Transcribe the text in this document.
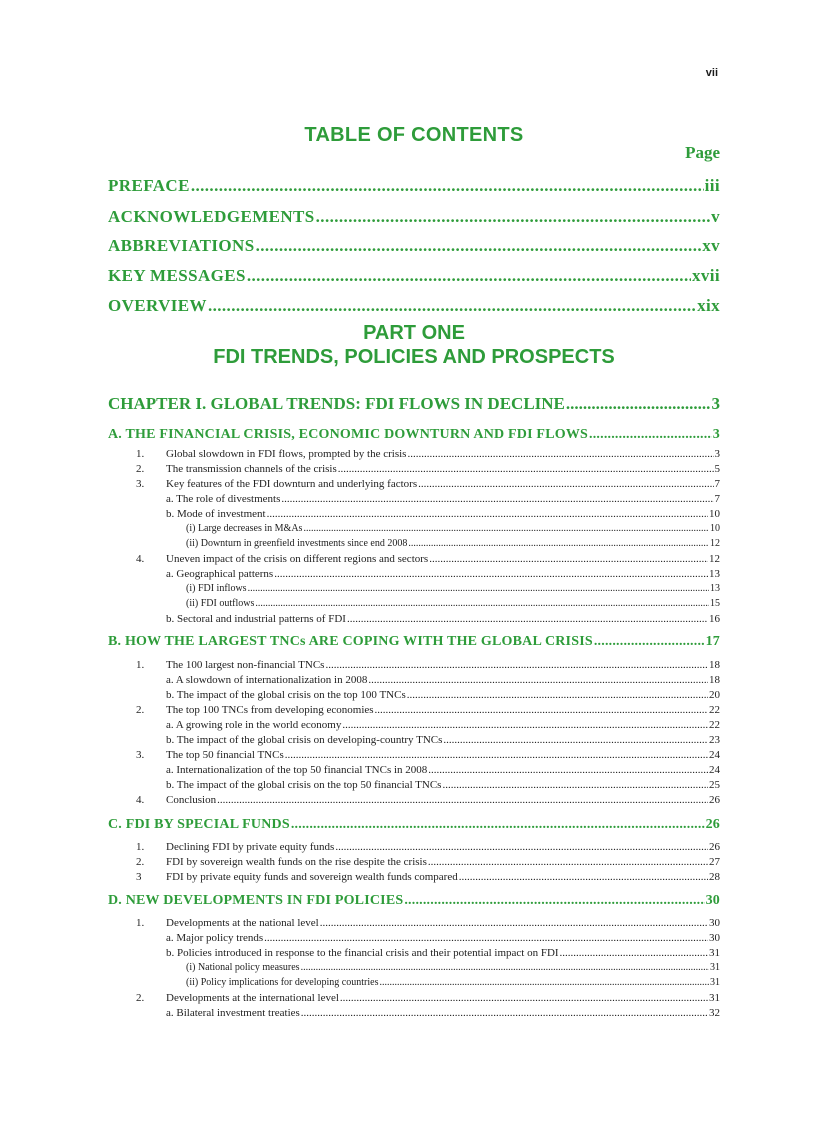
vii
TABLE OF CONTENTS
Page
PREFACE .....	iii
ACKNOWLEDGEMENTS .....	v
ABBREVIATIONS .....	xv
KEY MESSAGES .....	xvii
OVERVIEW .....	xix
PART ONE
FDI TRENDS, POLICIES AND PROSPECTS
CHAPTER I. GLOBAL TRENDS: FDI FLOWS IN DECLINE .....	3
A. THE FINANCIAL CRISIS, ECONOMIC DOWNTURN AND FDI FLOWS .....	3
1. Global slowdown in FDI flows, prompted by the crisis .....	3
2. The transmission channels of the crisis .....	5
3. Key features of the FDI downturn and underlying factors .....	7
a. The role of divestments .....	7
b. Mode of investment .....	10
(i) Large decreases in M&As .....	10
(ii) Downturn in greenfield investments since end 2008 .....	12
4. Uneven impact of the crisis on different regions and sectors .....	12
a. Geographical patterns .....	13
(i) FDI inflows .....	13
(ii) FDI outflows .....	15
b. Sectoral and industrial patterns of FDI .....	16
B. HOW THE LARGEST TNCs ARE COPING WITH THE GLOBAL CRISIS .....	17
1. The 100 largest non-financial TNCs .....	18
a. A slowdown of internationalization in 2008 .....	18
b. The impact of the global crisis on the top 100 TNCs .....	20
2. The top 100 TNCs from developing economies .....	22
a. A growing role in the world economy .....	22
b. The impact of the global crisis on developing-country TNCs .....	23
3. The top 50 financial TNCs .....	24
a. Internationalization of the top 50 financial TNCs in 2008 .....	24
b. The impact of the global crisis on the top 50 financial TNCs .....	25
4. Conclusion .....	26
C. FDI BY SPECIAL FUNDS .....	26
1. Declining FDI by private equity funds .....	26
2. FDI by sovereign wealth funds on the rise despite the crisis .....	27
3 FDI by private equity funds and sovereign wealth funds compared .....	28
D. NEW DEVELOPMENTS IN FDI POLICIES .....	30
1. Developments at the national level .....	30
a. Major policy trends .....	30
b. Policies introduced in response to the financial crisis and their potential impact on FDI .....	31
(i) National policy measures .....	31
(ii) Policy implications for developing countries .....	31
2. Developments at the international level .....	31
a. Bilateral investment treaties .....	32
